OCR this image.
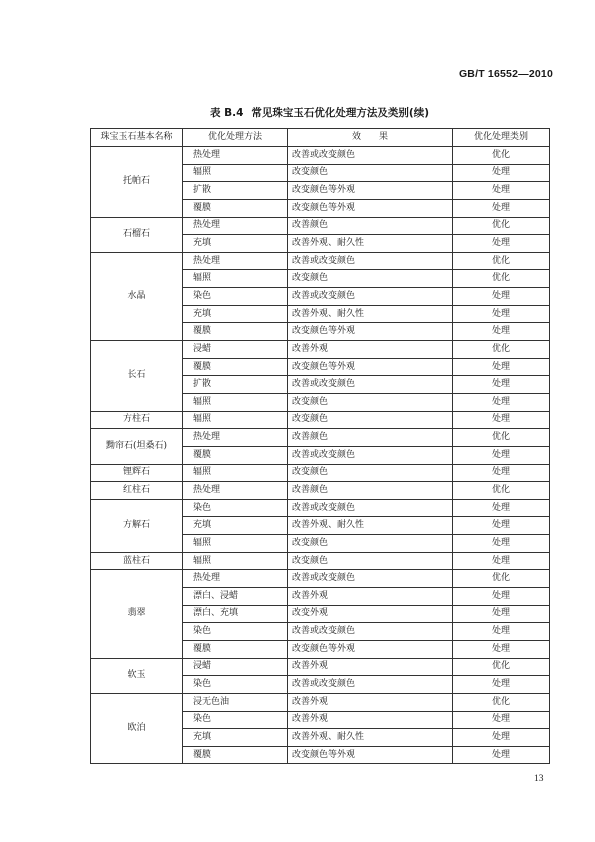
GB/T 16552—2010
表 B.4 常见珠宝玉石优化处理方法及类别(续)
珠宝玉石基本名称	优化处理方法	效　　果	优化处理类别
托帕石	热处理	改善或改变颜色	优化
	辐照	改变颜色	处理
	扩散	改变颜色等外观	处理
	覆膜	改变颜色等外观	处理
石榴石	热处理	改善颜色	优化
	充填	改善外观、耐久性	处理
水晶	热处理	改善或改变颜色	优化
	辐照	改变颜色	优化
	染色	改善或改变颜色	处理
	充填	改善外观、耐久性	处理
	覆膜	改变颜色等外观	处理
长石	浸蜡	改善外观	优化
	覆膜	改变颜色等外观	处理
	扩散	改善或改变颜色	处理
	辐照	改变颜色	处理
方柱石	辐照	改变颜色	处理
黝帘石(坦桑石)	热处理	改善颜色	优化
	覆膜	改善或改变颜色	处理
锂辉石	辐照	改变颜色	处理
红柱石	热处理	改善颜色	优化
方解石	染色	改善或改变颜色	处理
	充填	改善外观、耐久性	处理
	辐照	改变颜色	处理
蓝柱石	辐照	改变颜色	处理
翡翠	热处理	改善或改变颜色	优化
	漂白、浸蜡	改善外观	处理
	漂白、充填	改变外观	处理
	染色	改善或改变颜色	处理
	覆膜	改变颜色等外观	处理
软玉	浸蜡	改善外观	优化
	染色	改善或改变颜色	处理
欧泊	浸无色油	改善外观	优化
	染色	改善外观	处理
	充填	改善外观、耐久性	处理
	覆膜	改变颜色等外观	处理
13
